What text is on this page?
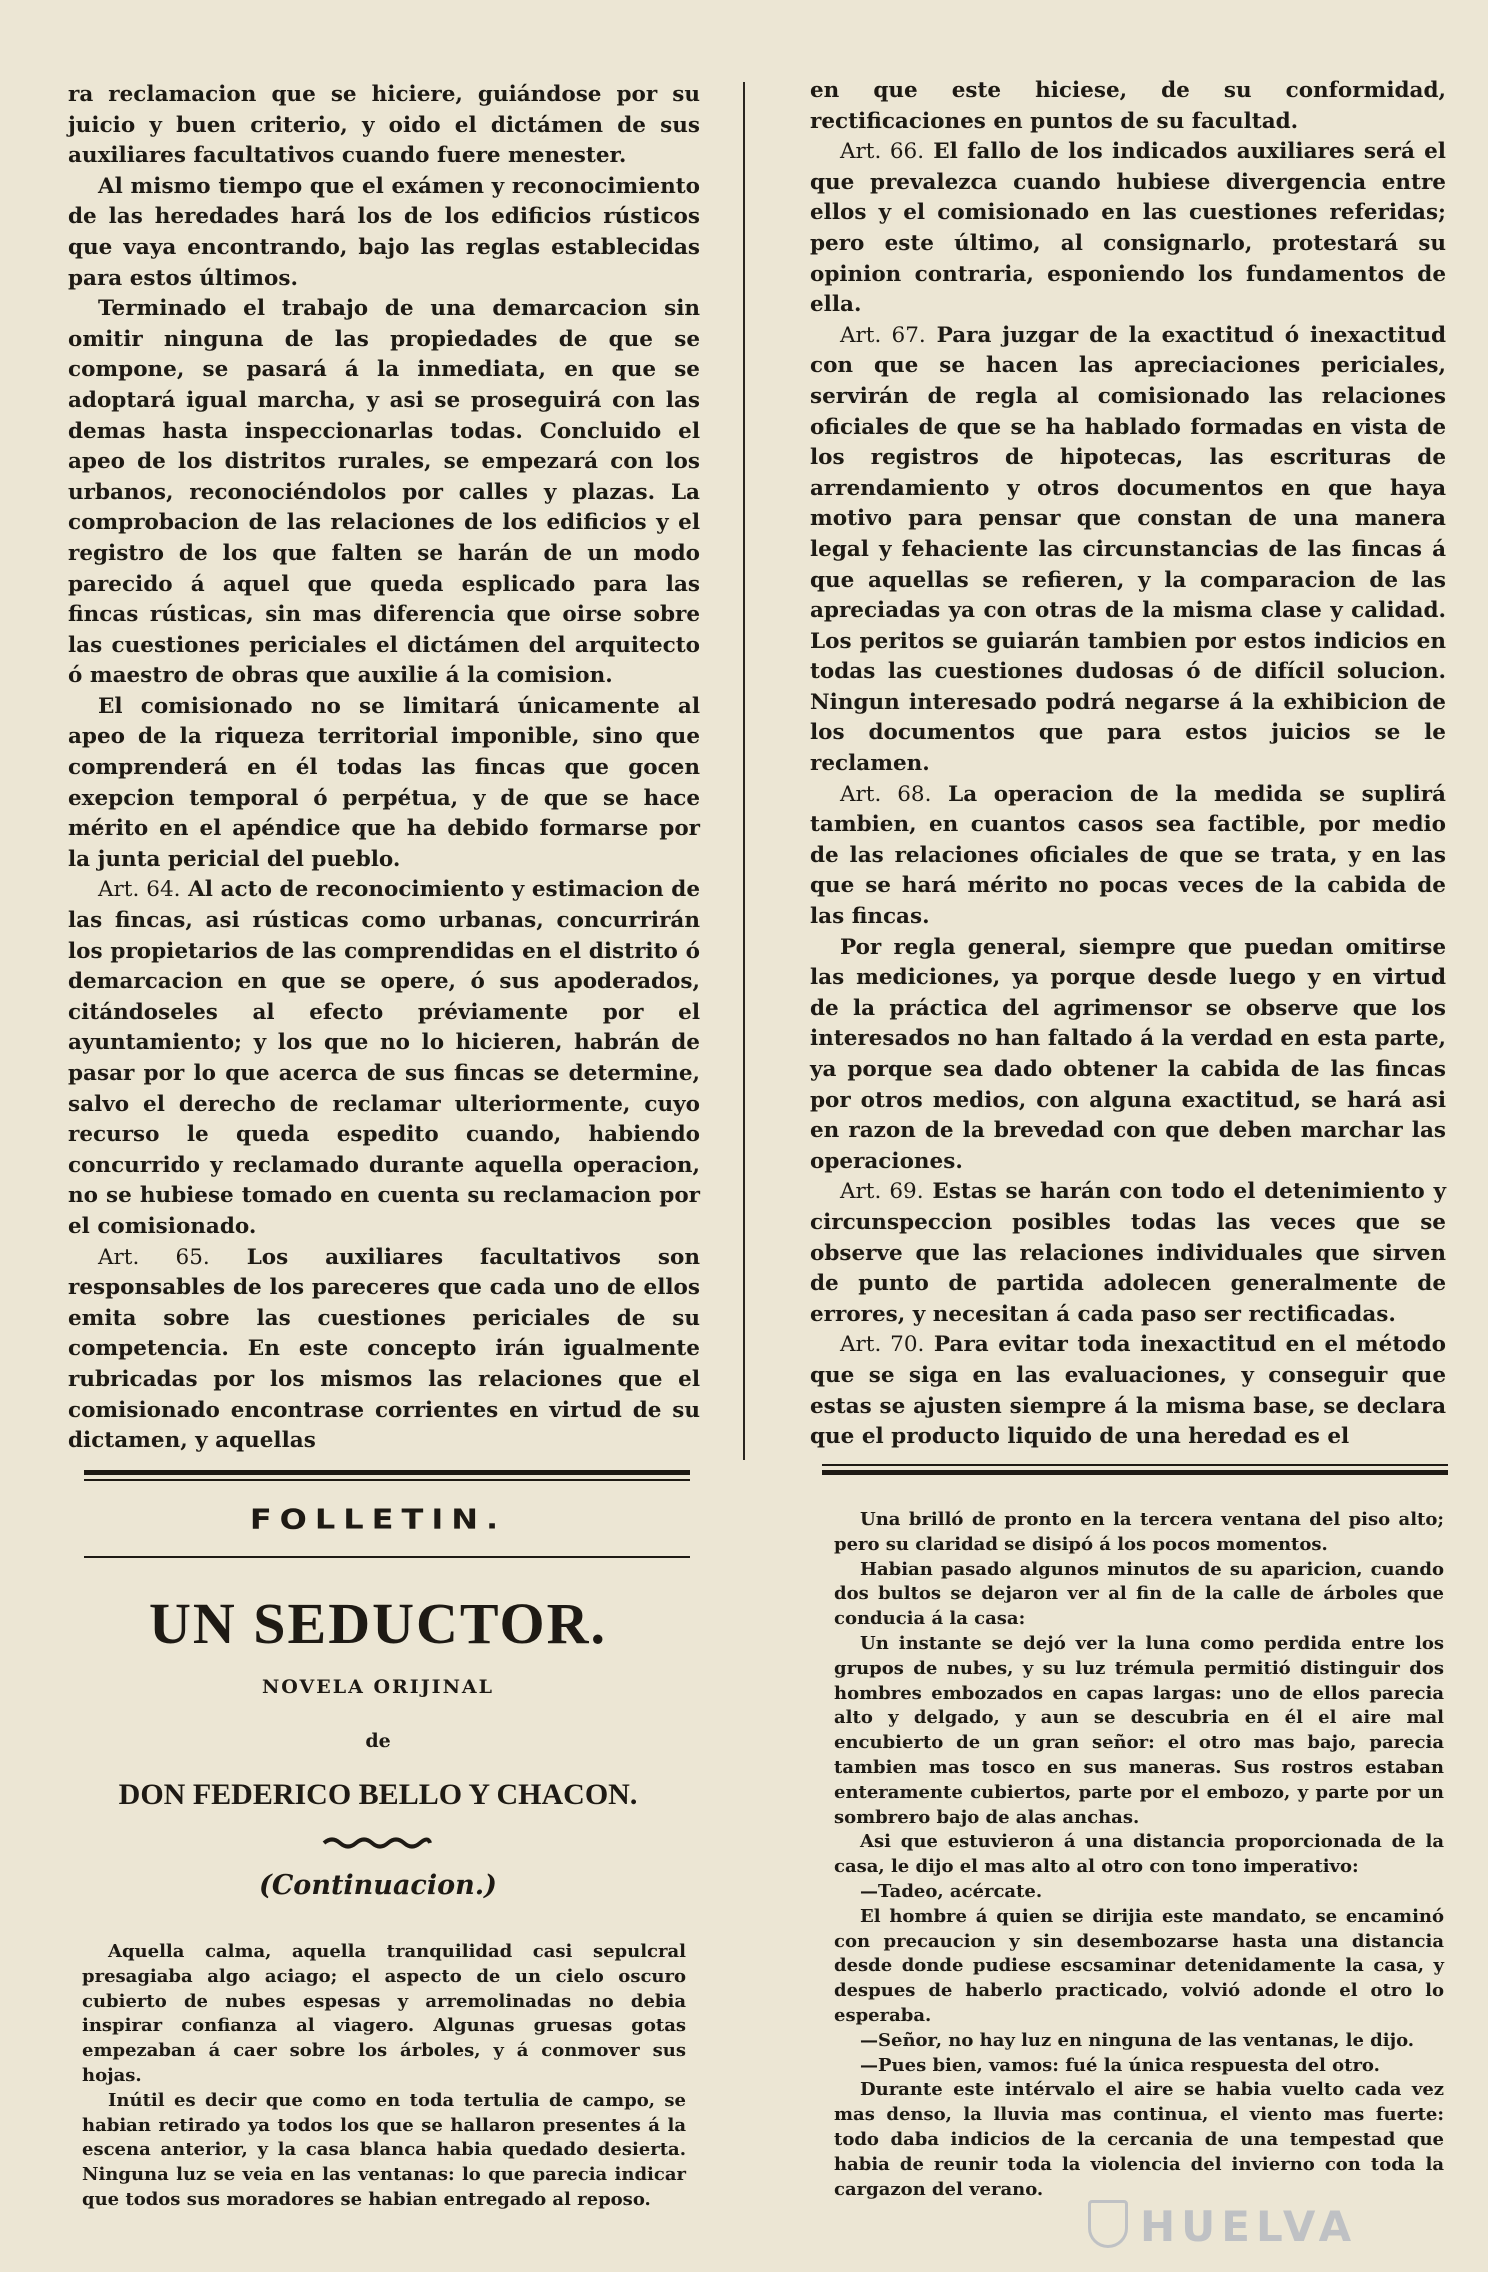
ra reclamacion que se hiciere, guiándose por su juicio y buen criterio, y oido el dictámen de sus auxiliares facultativos cuando fuere menester.

Al mismo tiempo que el exámen y reconocimiento de las heredades hará los de los edificios rústicos que vaya encontrando, bajo las reglas establecidas para estos últimos.

Terminado el trabajo de una demarcacion sin omitir ninguna de las propiedades de que se compone, se pasará á la inmediata, en que se adoptará igual marcha, y asi se proseguirá con las demas hasta inspeccionarlas todas. Concluido el apeo de los distritos rurales, se empezará con los urbanos, reconociéndolos por calles y plazas. La comprobacion de las relaciones de los edificios y el registro de los que falten se harán de un modo parecido á aquel que queda esplicado para las fincas rústicas, sin mas diferencia que oirse sobre las cuestiones periciales el dictámen del arquitecto ó maestro de obras que auxilie á la comision.

El comisionado no se limitará únicamente al apeo de la riqueza territorial imponible, sino que comprenderá en él todas las fincas que gocen exepcion temporal ó perpétua, y de que se hace mérito en el apéndice que ha debido formarse por la junta pericial del pueblo.

Art. 64. Al acto de reconocimiento y estimacion de las fincas, asi rústicas como urbanas, concurrirán los propietarios de las comprendidas en el distrito ó demarcacion en que se opere, ó sus apoderados, citándoseles al efecto préviamente por el ayuntamiento; y los que no lo hicieren, habrán de pasar por lo que acerca de sus fincas se determine, salvo el derecho de reclamar ulteriormente, cuyo recurso le queda espedito cuando, habiendo concurrido y reclamado durante aquella operacion, no se hubiese tomado en cuenta su reclamacion por el comisionado.

Art. 65. Los auxiliares facultativos son responsables de los pareceres que cada uno de ellos emita sobre las cuestiones periciales de su competencia. En este concepto irán igualmente rubricadas por los mismos las relaciones que el comisionado encontrase corrientes en virtud de su dictamen, y aquellas

en que este hiciese, de su conformidad, rectificaciones en puntos de su facultad.

Art. 66. El fallo de los indicados auxiliares será el que prevalezca cuando hubiese divergencia entre ellos y el comisionado en las cuestiones referidas; pero este último, al consignarlo, protestará su opinion contraria, esponiendo los fundamentos de ella.

Art. 67. Para juzgar de la exactitud ó inexactitud con que se hacen las apreciaciones periciales, servirán de regla al comisionado las relaciones oficiales de que se ha hablado formadas en vista de los registros de hipotecas, las escrituras de arrendamiento y otros documentos en que haya motivo para pensar que constan de una manera legal y fehaciente las circunstancias de las fincas á que aquellas se refieren, y la comparacion de las apreciadas ya con otras de la misma clase y calidad. Los peritos se guiarán tambien por estos indicios en todas las cuestiones dudosas ó de difícil solucion. Ningun interesado podrá negarse á la exhibicion de los documentos que para estos juicios se le reclamen.

Art. 68. La operacion de la medida se suplirá tambien, en cuantos casos sea factible, por medio de las relaciones oficiales de que se trata, y en las que se hará mérito no pocas veces de la cabida de las fincas.

Por regla general, siempre que puedan omitirse las mediciones, ya porque desde luego y en virtud de la práctica del agrimensor se observe que los interesados no han faltado á la verdad en esta parte, ya porque sea dado obtener la cabida de las fincas por otros medios, con alguna exactitud, se hará asi en razon de la brevedad con que deben marchar las operaciones.

Art. 69. Estas se harán con todo el detenimiento y circunspeccion posibles todas las veces que se observe que las relaciones individuales que sirven de punto de partida adolecen generalmente de errores, y necesitan á cada paso ser rectificadas.

Art. 70. Para evitar toda inexactitud en el método que se siga en las evaluaciones, y conseguir que estas se ajusten siempre á la misma base, se declara que el producto liquido de una heredad es el

FOLLETIN.
UN SEDUCTOR.
NOVELA ORIJINAL
de
DON FEDERICO BELLO Y CHACON.
(Continuacion.)

Aquella calma, aquella tranquilidad casi sepulcral presagiaba algo aciago; el aspecto de un cielo oscuro cubierto de nubes espesas y arremolinadas no debia inspirar confianza al viagero. Algunas gruesas gotas empezaban á caer sobre los árboles, y á conmover sus hojas.

Inútil es decir que como en toda tertulia de campo, se habian retirado ya todos los que se hallaron presentes á la escena anterior, y la casa blanca habia quedado desierta. Ninguna luz se veia en las ventanas: lo que parecia indicar que todos sus moradores se habian entregado al reposo.

Una brilló de pronto en la tercera ventana del piso alto; pero su claridad se disipó á los pocos momentos.

Habian pasado algunos minutos de su aparicion, cuando dos bultos se dejaron ver al fin de la calle de árboles que conducia á la casa:

Un instante se dejó ver la luna como perdida entre los grupos de nubes, y su luz trémula permitió distinguir dos hombres embozados en capas largas: uno de ellos parecia alto y delgado, y aun se descubria en él el aire mal encubierto de un gran señor: el otro mas bajo, parecia tambien mas tosco en sus maneras. Sus rostros estaban enteramente cubiertos, parte por el embozo, y parte por un sombrero bajo de alas anchas.

Asi que estuvieron á una distancia proporcionada de la casa, le dijo el mas alto al otro con tono imperativo:

—Tadeo, acércate.

El hombre á quien se dirijia este mandato, se encaminó con precaucion y sin desembozarse hasta una distancia desde donde pudiese escsaminar detenidamente la casa, y despues de haberlo practicado, volvió adonde el otro lo esperaba.

—Señor, no hay luz en ninguna de las ventanas, le dijo.

—Pues bien, vamos: fué la única respuesta del otro.

Durante este intérvalo el aire se habia vuelto cada vez mas denso, la lluvia mas continua, el viento mas fuerte: todo daba indicios de la cercania de una tempestad que habia de reunir toda la violencia del invierno con toda la cargazon del verano.

HUELVA
